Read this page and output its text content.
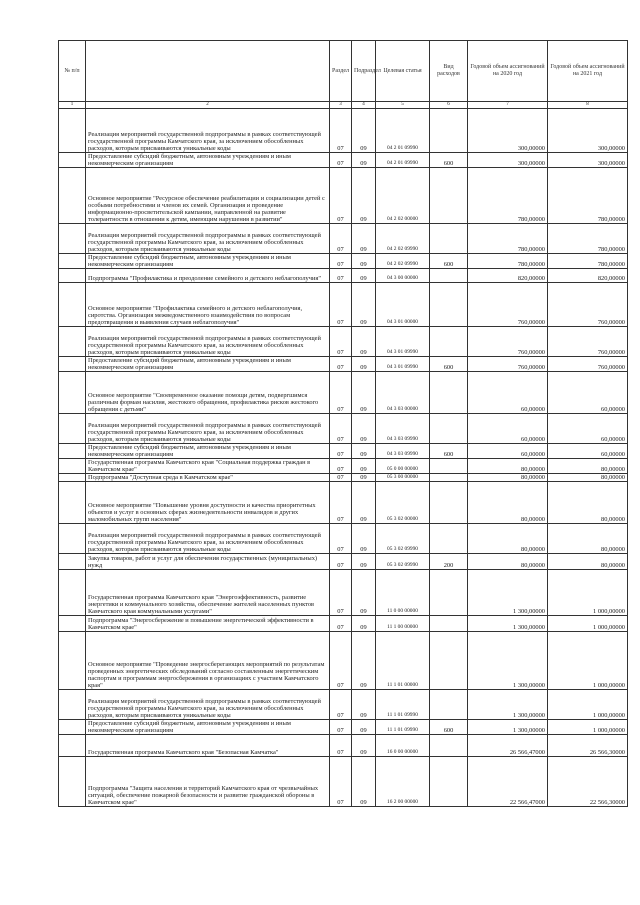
№ п/п		Раздел	Подраздел	Целевая статья	Вид расходов	Годовой объем ассигнований на 2020 год	Годовой объем ассигнований на 2021 год
1	2	3	4	5	6	7	8
	Реализация мероприятий государственной подпрограммы в рамках соответствующей государственной программы Камчатского края, за исключением обособленных расходов, которым присваиваются уникальные коды	07	09	04 2 01 09990		300,00000	300,00000
	Предоставление субсидий бюджетным, автономным учреждениям и иным некоммерческим организациям	07	09	04 2 01 09990	600	300,00000	300,00000
	Основное мероприятие "Ресурсное обеспечение реабилитации и социализации детей с особыми потребностями и членов их семей. Организация и проведение информационно-просветительской кампании, направленной на развитие толерантности в отношении к детям, имеющим нарушения в развитии"	07	09	04 2 02 00000		780,00000	780,00000
	Реализация мероприятий государственной подпрограммы в рамках соответствующей государственной программы Камчатского края, за исключением обособленных расходов, которым присваиваются уникальные коды	07	09	04 2 02 09990		780,00000	780,00000
	Предоставление субсидий бюджетным, автономным учреждениям и иным некоммерческим организациям	07	09	04 2 02 09990	600	780,00000	780,00000
	Подпрограмма "Профилактика и преодоление семейного и детского неблагополучия"	07	09	04 3 00 00000		820,00000	820,00000
	Основное мероприятие "Профилактика семейного и детского неблагополучия, сиротства. Организация межведомственного взаимодействия по вопросам предотвращения и выявления случаев неблагополучия"	07	09	04 3 01 00000		760,00000	760,00000
	Реализация мероприятий государственной подпрограммы в рамках соответствующей государственной программы Камчатского края, за исключением обособленных расходов, которым присваиваются уникальные коды	07	09	04 3 01 09990		760,00000	760,00000
	Предоставление субсидий бюджетным, автономным учреждениям и иным некоммерческим организациям	07	09	04 3 01 09990	600	760,00000	760,00000
	Основное мероприятие "Своевременное оказание помощи детям, подвергшимся различным формам насилия, жестокого обращения, профилактика рисков жестокого обращения с детьми"	07	09	04 3 03 00000		60,00000	60,00000
	Реализация мероприятий государственной подпрограммы в рамках соответствующей государственной программы Камчатского края, за исключением обособленных расходов, которым присваиваются уникальные коды	07	09	04 3 03 09990		60,00000	60,00000
	Предоставление субсидий бюджетным, автономным учреждениям и иным некоммерческим организациям	07	09	04 3 03 09990	600	60,00000	60,00000
	Государственная программа Камчатского края "Социальная поддержка граждан в Камчатском крае"	07	09	05 0 00 00000		80,00000	80,00000
	Подпрограмма "Доступная среда в Камчатском крае"	07	09	05 3 00 00000		80,00000	80,00000
	Основное мероприятие "Повышение уровня доступности и качества приоритетных объектов и услуг в основных сферах жизнедеятельности инвалидов и других маломобильных групп населения"	07	09	05 3 02 00000		80,00000	80,00000
	Реализация мероприятий государственной подпрограммы в рамках соответствующей государственной программы Камчатского края, за исключением обособленных расходов, которым присваиваются уникальные коды	07	09	05 3 02 09990		80,00000	80,00000
	Закупка товаров, работ и услуг для обеспечения государственных (муниципальных) нужд	07	09	05 3 02 09990	200	80,00000	80,00000
	Государственная программа Камчатского края "Энергоэффективность, развитие энергетики и коммунального хозяйства, обеспечение жителей населенных пунктов Камчатского края коммунальными услугами"	07	09	11 0 00 00000		1 300,00000	1 000,00000
	Подпрограмма "Энергосбережение и повышение энергетической эффективности в Камчатском крае"	07	09	11 1 00 00000		1 300,00000	1 000,00000
	Основное мероприятие "Проведение энергосберегающих мероприятий по результатам проведенных энергетических обследований согласно составленным энергетическим паспортам и программам энергосбережения в организациях с участием Камчатского края"	07	09	11 1 01 00000		1 300,00000	1 000,00000
	Реализация мероприятий государственной подпрограммы в рамках соответствующей государственной программы Камчатского края, за исключением обособленных расходов, которым присваиваются уникальные коды	07	09	11 1 01 09990		1 300,00000	1 000,00000
	Предоставление субсидий бюджетным, автономным учреждениям и иным некоммерческим организациям	07	09	11 1 01 09990	600	1 300,00000	1 000,00000
	Государственная программа Камчатского края "Безопасная Камчатка"	07	09	16 0 00 00000		26 566,47000	26 566,30000
	Подпрограмма "Защита населения и территорий Камчатского края от чрезвычайных ситуаций, обеспечение пожарной безопасности и развитие гражданской обороны в Камчатском крае"	07	09	16 2 00 00000		22 566,47000	22 566,30000
